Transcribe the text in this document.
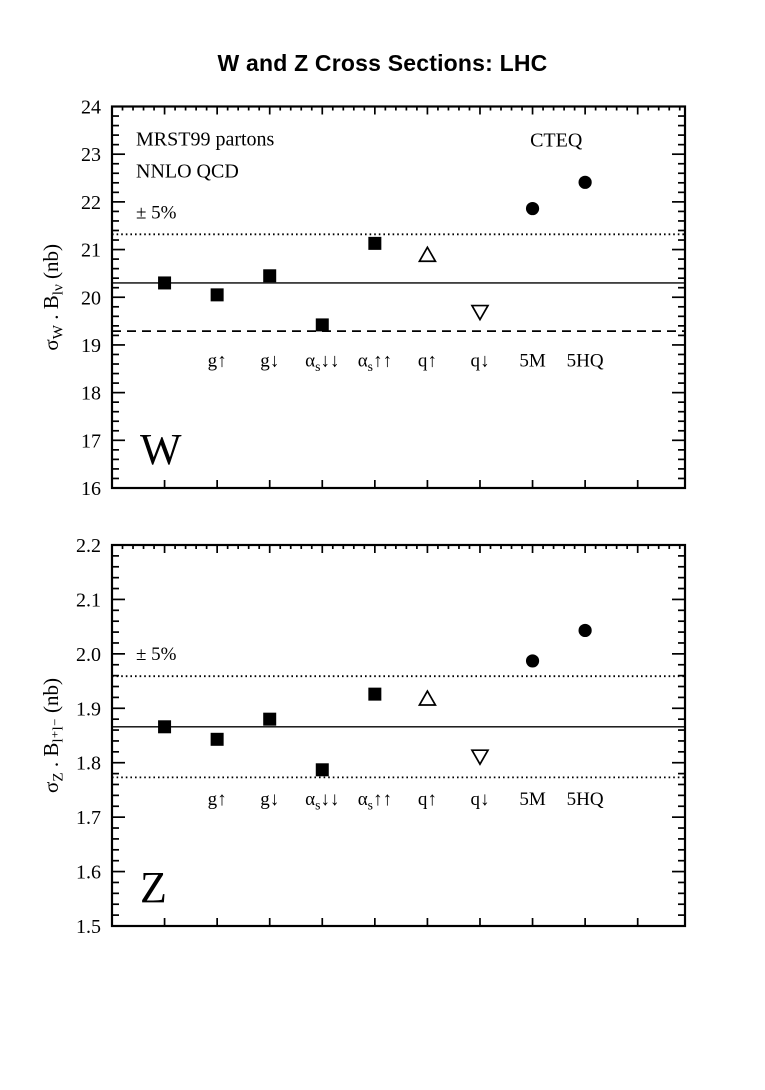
W and Z Cross Sections: LHC
24
23
22
21
20
19
18
17
16
g↑ g↓ $\alpha_s↓↓$ $\alpha_s↑↑$ q↑ q↓ 5M 5HQ
$\sigma_W$ . $B_{l\nu}$ (nb)
MRST99 partons
NNLO QCD
± 5%
CTEQ
W
2.2
2.1
2.0
1.9
1.8
1.7
1.6
1.5
g↑ g↓ $\alpha_s↓↓$ $\alpha_s↑↑$ q↑ q↓ 5M 5HQ
$\sigma_Z$ . $B_{l^+l^-}$ (nb)
± 5%
Z
